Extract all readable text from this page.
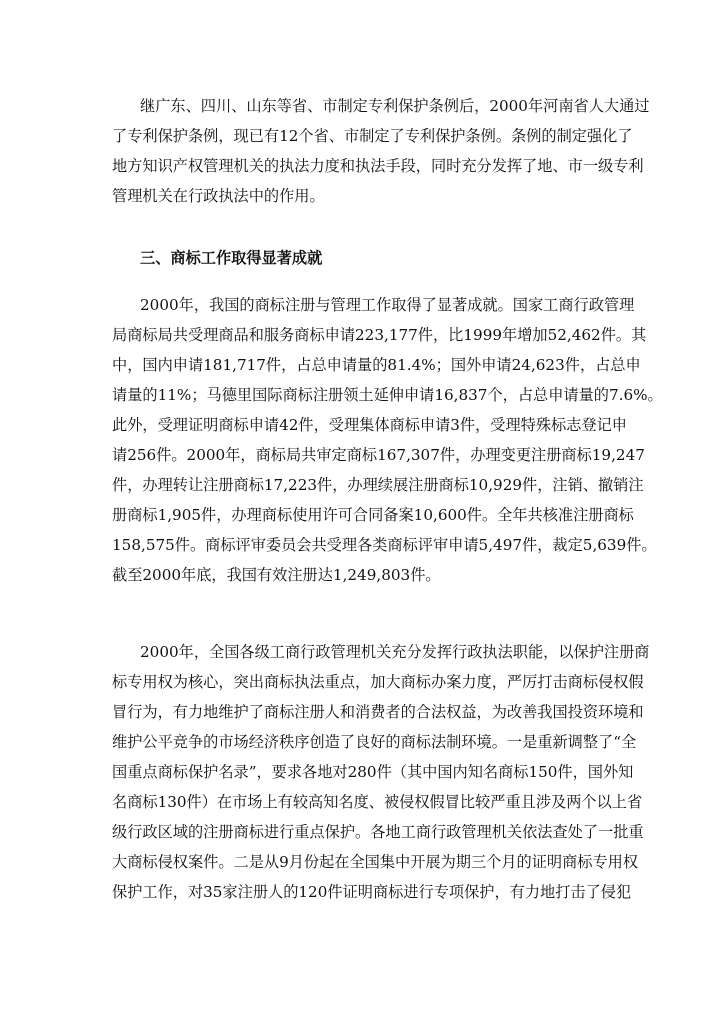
继广东、四川、山东等省、市制定专利保护条例后，2000年河南省人大通过
了专利保护条例，现已有12个省、市制定了专利保护条例。条例的制定强化了
地方知识产权管理机关的执法力度和执法手段，同时充分发挥了地、市一级专利
管理机关在行政执法中的作用。
三、商标工作取得显著成就
2000年，我国的商标注册与管理工作取得了显著成就。国家工商行政管理
局商标局共受理商品和服务商标申请223,177件，比1999年增加52,462件。其
中，国内申请181,717件，占总申请量的81.4%；国外申请24,623件，占总申
请量的11%；马德里国际商标注册领土延伸申请16,837个，占总申请量的7.6%。
此外，受理证明商标申请42件，受理集体商标申请3件，受理特殊标志登记申
请256件。2000年，商标局共审定商标167,307件，办理变更注册商标19,247
件，办理转让注册商标17,223件，办理续展注册商标10,929件，注销、撤销注
册商标1,905件，办理商标使用许可合同备案10,600件。全年共核准注册商标
158,575件。商标评审委员会共受理各类商标评审申请5,497件，裁定5,639件。
截至2000年底，我国有效注册达1,249,803件。
2000年，全国各级工商行政管理机关充分发挥行政执法职能，以保护注册商
标专用权为核心，突出商标执法重点，加大商标办案力度，严厉打击商标侵权假
冒行为，有力地维护了商标注册人和消费者的合法权益，为改善我国投资环境和
维护公平竞争的市场经济秩序创造了良好的商标法制环境。一是重新调整了“全
国重点商标保护名录”，要求各地对280件（其中国内知名商标150件，国外知
名商标130件）在市场上有较高知名度、被侵权假冒比较严重且涉及两个以上省
级行政区域的注册商标进行重点保护。各地工商行政管理机关依法查处了一批重
大商标侵权案件。二是从9月份起在全国集中开展为期三个月的证明商标专用权
保护工作，对35家注册人的120件证明商标进行专项保护，有力地打击了侵犯
